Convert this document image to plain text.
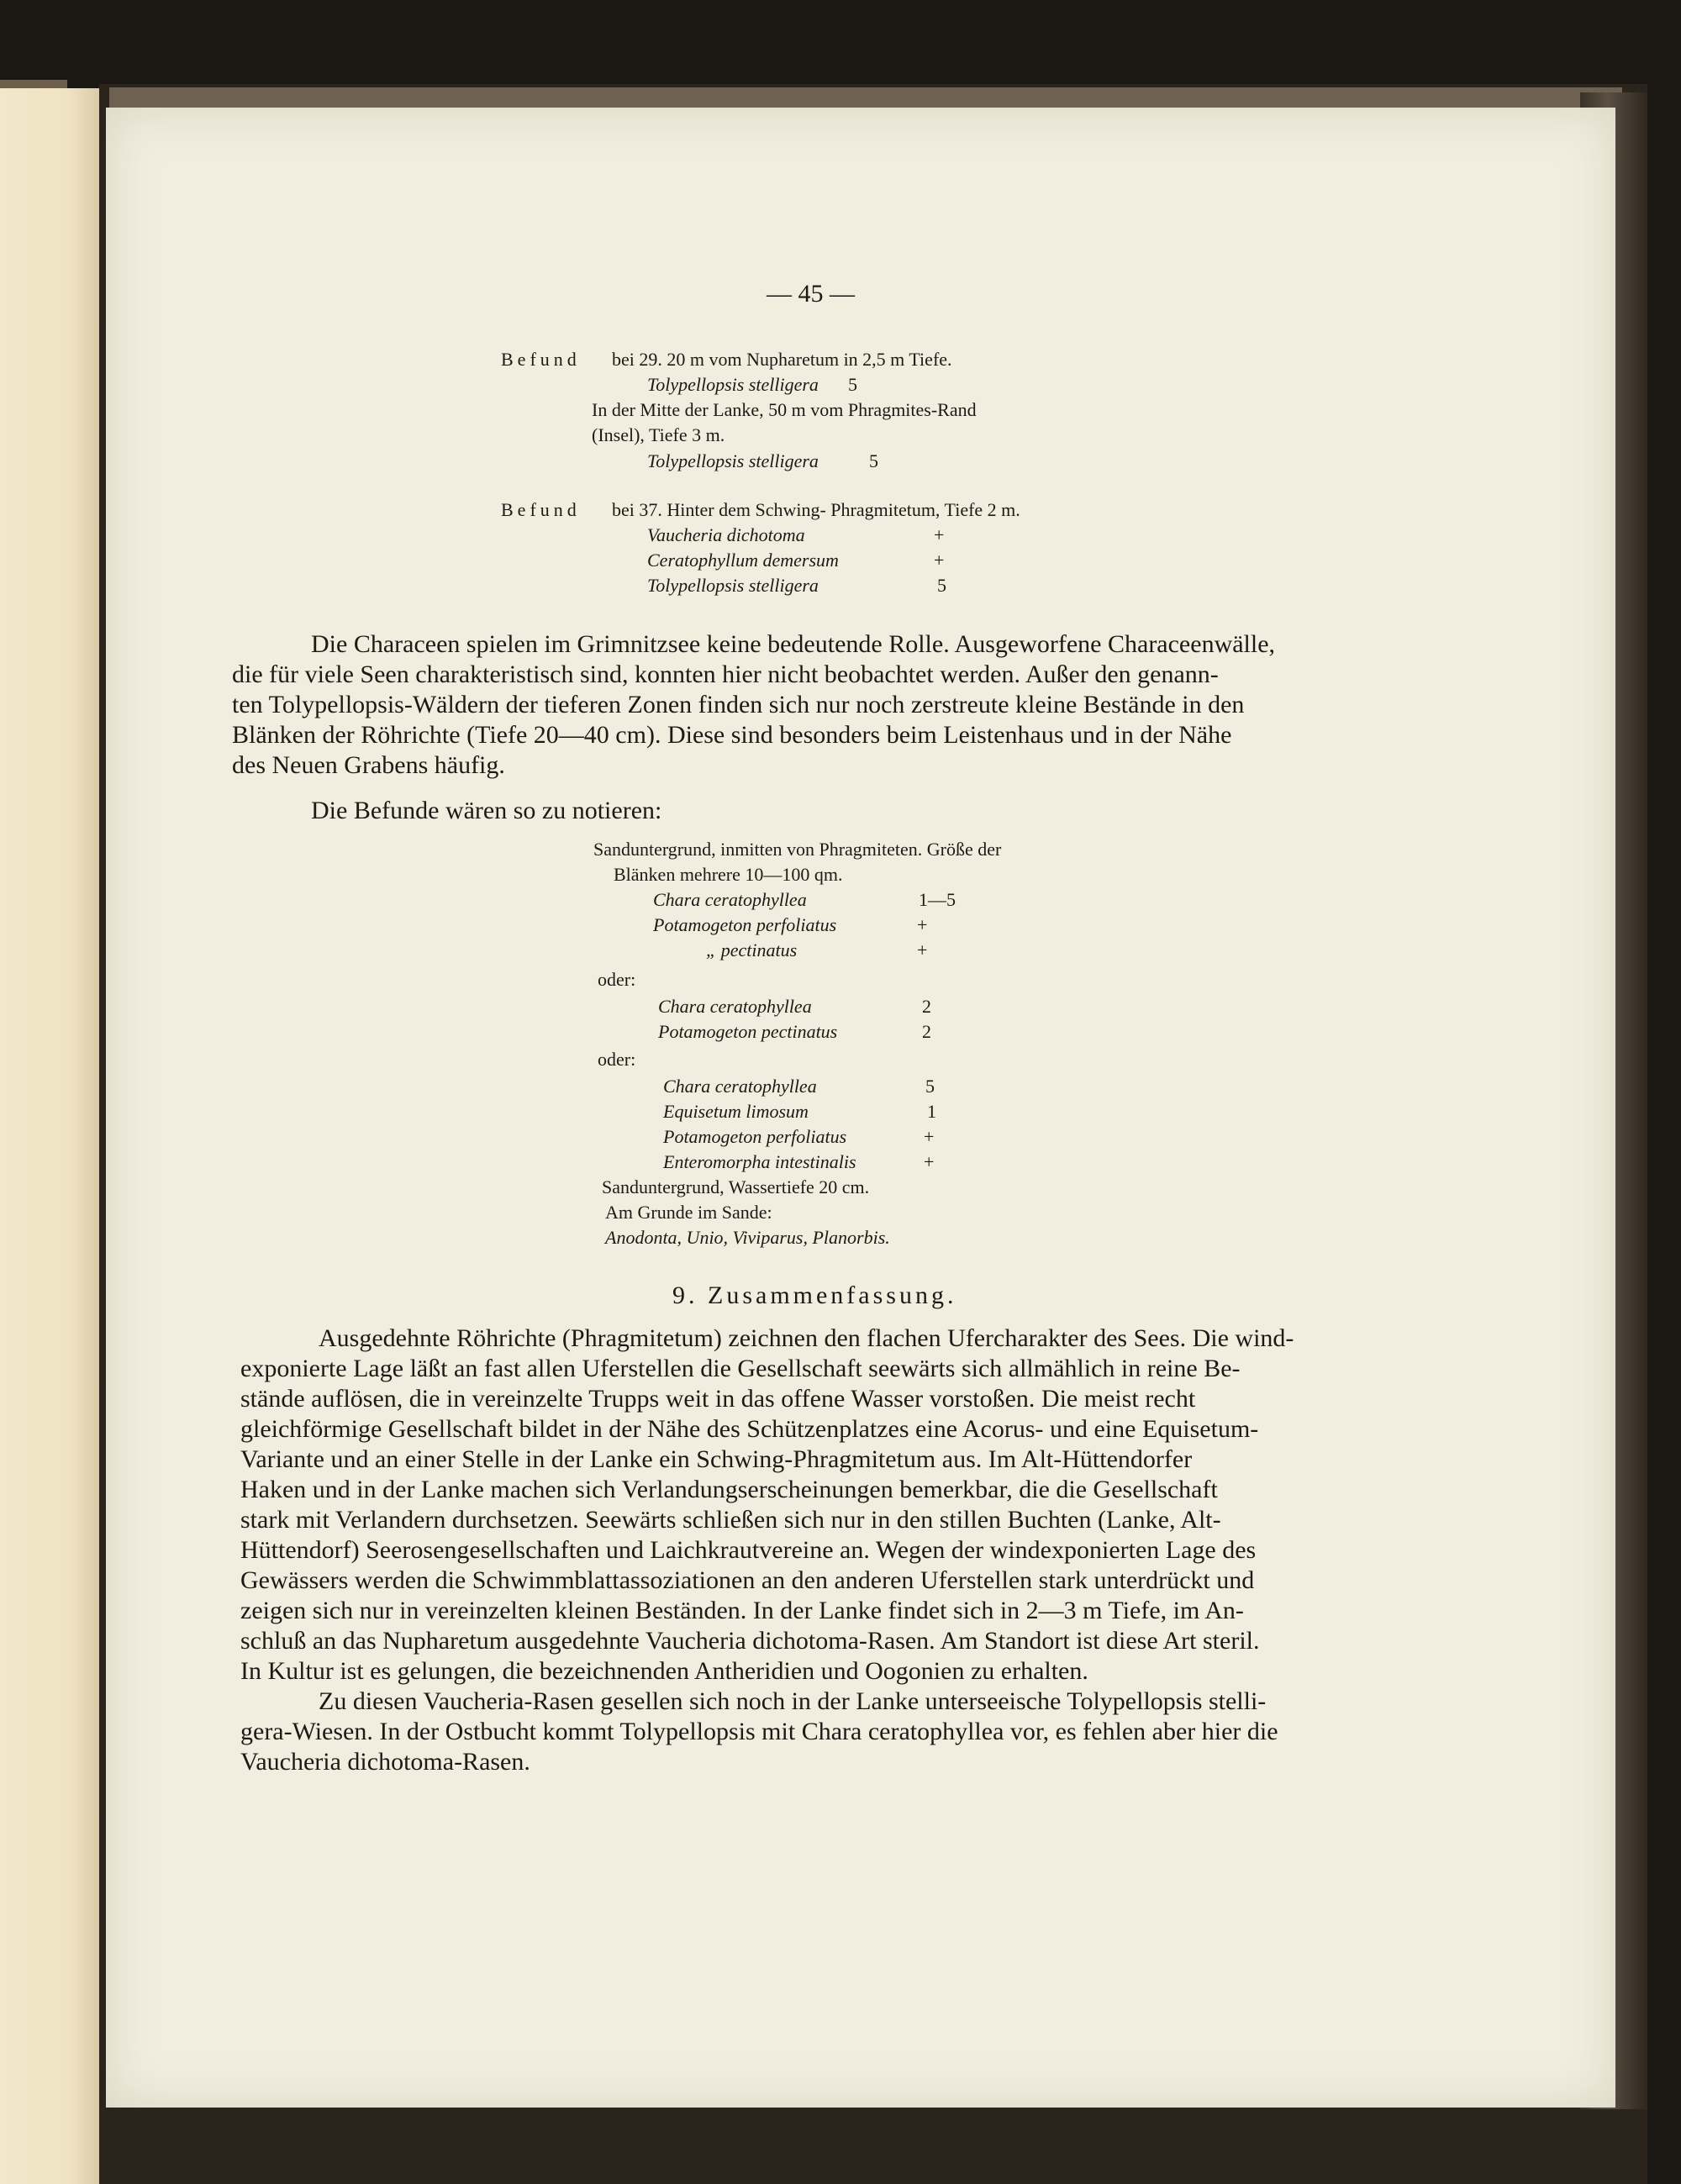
— 45 —
Befund bei 29. 20 m vom Nupharetum in 2,5 m Tiefe.
Tolypellopsis stelligera 5
In der Mitte der Lanke, 50 m vom Phragmites-Rand
(Insel), Tiefe 3 m.
Tolypellopsis stelligera	5
Befund bei 37. Hinter dem Schwing- Phragmitetum, Tiefe 2 m.
Vaucheria dichotoma	+
Ceratophyllum demersum	+
Tolypellopsis stelligera	5
Die Characeen spielen im Grimnitzsee keine bedeutende Rolle. Ausgeworfene Characeenwälle,
die für viele Seen charakteristisch sind, konnten hier nicht beobachtet werden. Außer den genann-
ten Tolypellopsis-Wäldern der tieferen Zonen finden sich nur noch zerstreute kleine Bestände in den
Blänken der Röhrichte (Tiefe 20—40 cm). Diese sind besonders beim Leistenhaus und in der Nähe
des Neuen Grabens häufig.
Die Befunde wären so zu notieren:
Sanduntergrund, inmitten von Phragmiteten. Größe der
Blänken mehrere 10—100 qm.
Chara ceratophyllea	1—5
Potamogeton perfoliatus	+
„ pectinatus	+
oder:
Chara ceratophyllea	2
Potamogeton pectinatus	2
oder:
Chara ceratophyllea	5
Equisetum limosum	1
Potamogeton perfoliatus	+
Enteromorpha intestinalis	+
Sanduntergrund, Wassertiefe 20 cm.
Am Grunde im Sande:
Anodonta, Unio, Viviparus, Planorbis.
9. Zusammenfassung.
Ausgedehnte Röhrichte (Phragmitetum) zeichnen den flachen Ufercharakter des Sees. Die wind-
exponierte Lage läßt an fast allen Uferstellen die Gesellschaft seewärts sich allmählich in reine Be-
stände auflösen, die in vereinzelte Trupps weit in das offene Wasser vorstoßen. Die meist recht
gleichförmige Gesellschaft bildet in der Nähe des Schützenplatzes eine Acorus- und eine Equisetum-
Variante und an einer Stelle in der Lanke ein Schwing-Phragmitetum aus. Im Alt-Hüttendorfer
Haken und in der Lanke machen sich Verlandungserscheinungen bemerkbar, die die Gesellschaft
stark mit Verlandern durchsetzen. Seewärts schließen sich nur in den stillen Buchten (Lanke, Alt-
Hüttendorf) Seerosengesellschaften und Laichkrautvereine an. Wegen der windexponierten Lage des
Gewässers werden die Schwimmblattassoziationen an den anderen Uferstellen stark unterdrückt und
zeigen sich nur in vereinzelten kleinen Beständen. In der Lanke findet sich in 2—3 m Tiefe, im An-
schluß an das Nupharetum ausgedehnte Vaucheria dichotoma-Rasen. Am Standort ist diese Art steril.
In Kultur ist es gelungen, die bezeichnenden Antheridien und Oogonien zu erhalten.
Zu diesen Vaucheria-Rasen gesellen sich noch in der Lanke unterseeische Tolypellopsis stelli-
gera-Wiesen. In der Ostbucht kommt Tolypellopsis mit Chara ceratophyllea vor, es fehlen aber hier die
Vaucheria dichotoma-Rasen.
